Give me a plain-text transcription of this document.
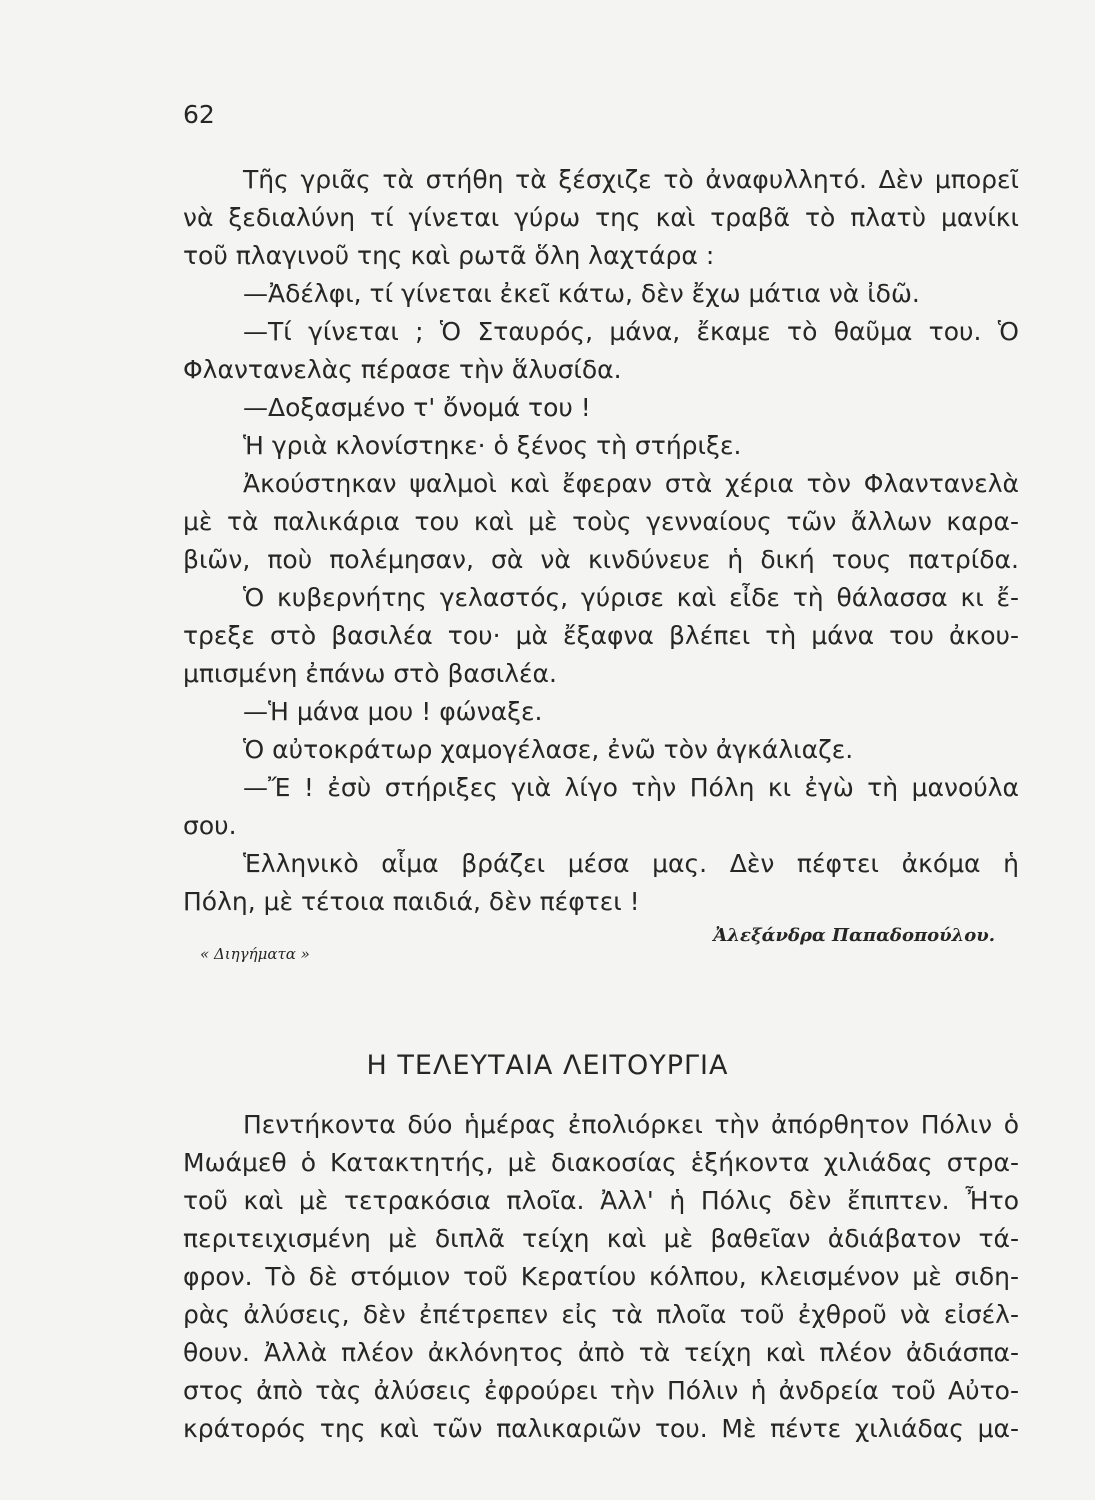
62
Τῆς γριᾶς τὰ στήθη τὰ ξέσχιζε τὸ ἀναφυλλητό. Δὲν μπορεῖ
νὰ ξεδιαλύνη τί γίνεται γύρω της καὶ τραβᾶ τὸ πλατὺ μανίκι
τοῦ πλαγινοῦ της καὶ ρωτᾶ ὅλη λαχτάρα :
—Ἀδέλφι, τί γίνεται ἐκεῖ κάτω, δὲν ἔχω μάτια νὰ ἰδῶ.
—Τί γίνεται ; Ὁ Σταυρός, μάνα, ἔκαμε τὸ θαῦμα του. Ὁ
Φλαντανελὰς πέρασε τὴν ἅλυσίδα.
—Δοξασμένο τ' ὄνομά του !
Ἡ γριὰ κλονίστηκε· ὁ ξένος τὴ στήριξε.
Ἀκούστηκαν ψαλμοὶ καὶ ἔφεραν στὰ χέρια τὸν Φλαντανελὰ
μὲ τὰ παλικάρια του καὶ μὲ τοὺς γενναίους τῶν ἄλλων καρα-
βιῶν, ποὺ πολέμησαν, σὰ νὰ κινδύνευε ἡ δική τους πατρίδα.
Ὁ κυβερνήτης γελαστός, γύρισε καὶ εἶδε τὴ θάλασσα κι ἔ-
τρεξε στὸ βασιλέα του· μὰ ἔξαφνα βλέπει τὴ μάνα του ἀκου-
μπισμένη ἐπάνω στὸ βασιλέα.
—Ἡ μάνα μου ! φώναξε.
Ὁ αὐτοκράτωρ χαμογέλασε, ἐνῶ τὸν ἀγκάλιαζε.
—Ἔ ! ἐσὺ στήριξες γιὰ λίγο τὴν Πόλη κι ἐγὼ τὴ μανούλα
σου.
Ἑλληνικὸ αἷμα βράζει μέσα μας. Δὲν πέφτει ἀκόμα ἡ
Πόλη, μὲ τέτοια παιδιά, δὲν πέφτει !
Ἀλεξάνδρα Παπαδοπούλου.
« Διηγήματα »
Η ΤΕΛΕΥΤΑΙΑ ΛΕΙΤΟΥΡΓΙΑ
Πεντήκοντα δύο ἡμέρας ἐπολιόρκει τὴν ἀπόρθητον Πόλιν ὁ
Μωάμεθ ὁ Κατακτητής, μὲ διακοσίας ἑξήκοντα χιλιάδας στρα-
τοῦ καὶ μὲ τετρακόσια πλοῖα. Ἀλλ' ἡ Πόλις δὲν ἔπιπτεν. Ἦτο
περιτειχισμένη μὲ διπλᾶ τείχη καὶ μὲ βαθεῖαν ἀδιάβατον τά-
φρον. Τὸ δὲ στόμιον τοῦ Κερατίου κόλπου, κλεισμένον μὲ σιδη-
ρὰς ἀλύσεις, δὲν ἐπέτρεπεν εἰς τὰ πλοῖα τοῦ ἐχθροῦ νὰ εἰσέλ-
θουν. Ἀλλὰ πλέον ἀκλόνητος ἀπὸ τὰ τείχη καὶ πλέον ἀδιάσπα-
στος ἀπὸ τὰς ἀλύσεις ἐφρούρει τὴν Πόλιν ἡ ἀνδρεία τοῦ Αὐτο-
κράτορός της καὶ τῶν παλικαριῶν του. Μὲ πέντε χιλιάδας μα-
